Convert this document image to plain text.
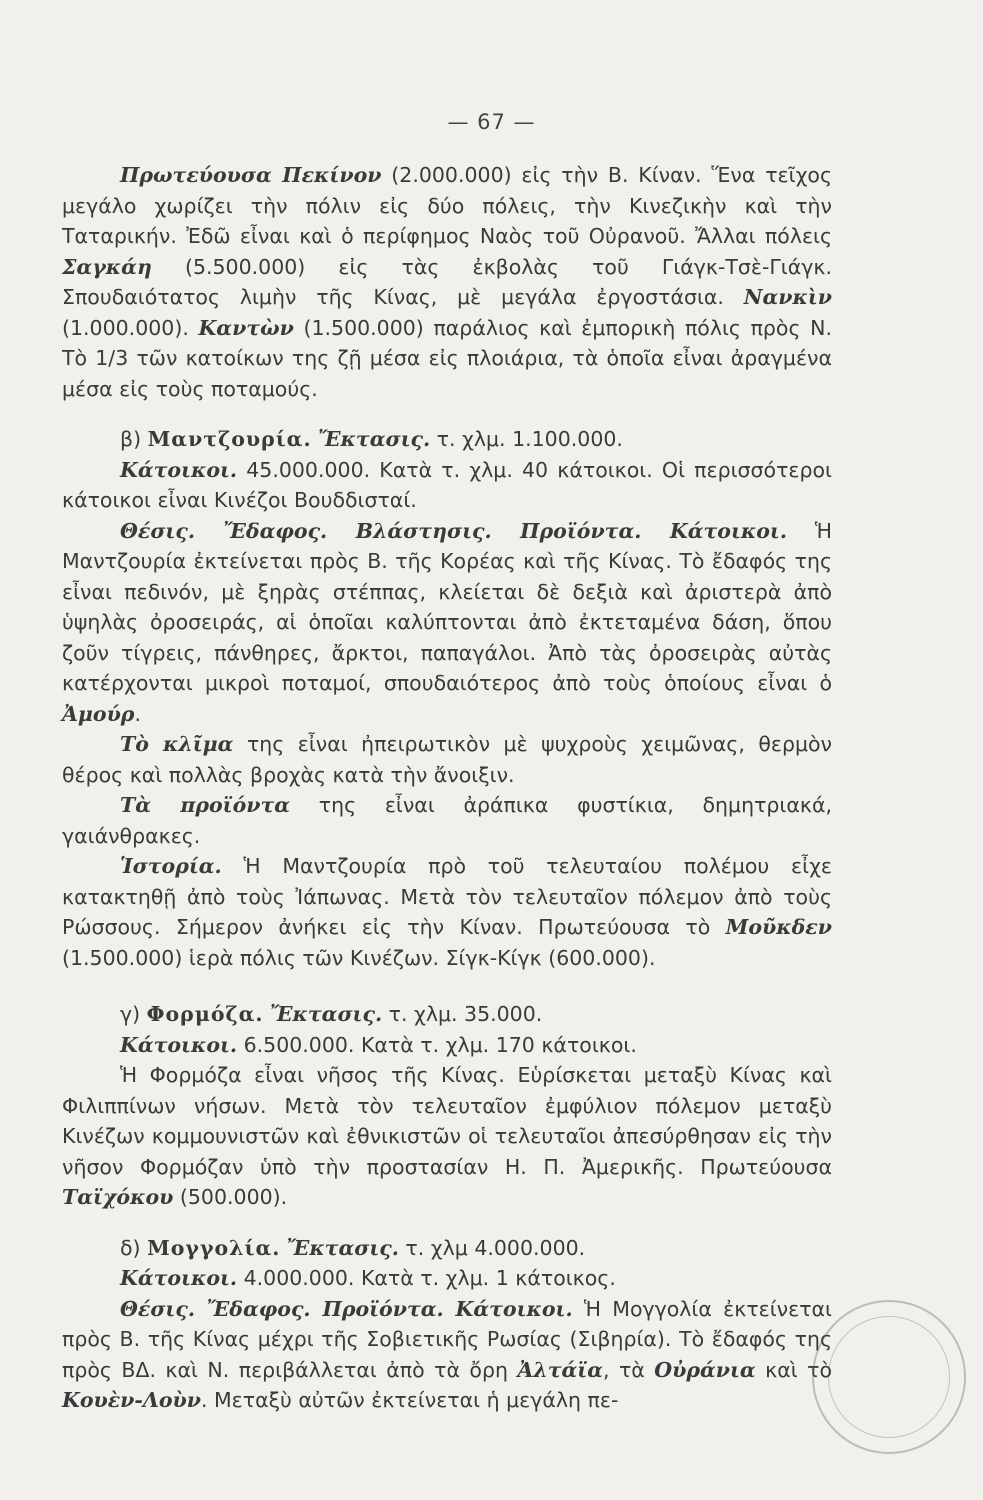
— 67 —

Πρωτεύουσα Πεκίνον (2.000.000) εἰς τὴν Β. Κίναν. Ἕνα τεῖχος μεγάλο χωρίζει τὴν πόλιν εἰς δύο πόλεις, τὴν Κινεζικὴν καὶ τὴν Ταταρικήν. Ἐδῶ εἶναι καὶ ὁ περίφημος Ναὸς τοῦ Οὐρανοῦ. Ἄλλαι πόλεις Σαγκάη (5.500.000) εἰς τὰς ἐκβολὰς τοῦ Γιάγκ-Τσὲ-Γιάγκ. Σπουδαιότατος λιμὴν τῆς Κίνας, μὲ μεγάλα ἐργοστάσια. Νανκὶν (1.000.000). Καντὼν (1.500.000) παράλιος καὶ ἐμπορικὴ πόλις πρὸς Ν. Τὸ 1/3 τῶν κατοίκων της ζῇ μέσα εἰς πλοιάρια, τὰ ὁποῖα εἶναι ἀραγμένα μέσα εἰς τοὺς ποταμούς.

β) Μαντζουρία. Ἔκτασις. τ. χλμ. 1.100.000.

Κάτοικοι. 45.000.000. Κατὰ τ. χλμ. 40 κάτοικοι. Οἱ περισσότεροι κάτοικοι εἶναι Κινέζοι Βουδδισταί.

Θέσις. Ἔδαφος. Βλάστησις. Προϊόντα. Κάτοικοι. Ἡ Μαντζουρία ἐκτείνεται πρὸς Β. τῆς Κορέας καὶ τῆς Κίνας. Τὸ ἔδαφός της εἶναι πεδινόν, μὲ ξηρὰς στέππας, κλείεται δὲ δεξιὰ καὶ ἀριστερὰ ἀπὸ ὑψηλὰς ὀροσειράς, αἱ ὁποῖαι καλύπτονται ἀπὸ ἐκτεταμένα δάση, ὅπου ζοῦν τίγρεις, πάνθηρες, ἄρκτοι, παπαγάλοι. Ἀπὸ τὰς ὀροσειρὰς αὐτὰς κατέρχονται μικροὶ ποταμοί, σπουδαιότερος ἀπὸ τοὺς ὁποίους εἶναι ὁ Ἀμούρ.

Τὸ κλῖμα της εἶναι ἠπειρωτικὸν μὲ ψυχροὺς χειμῶνας, θερμὸν θέρος καὶ πολλὰς βροχὰς κατὰ τὴν ἄνοιξιν.

Τὰ προϊόντα της εἶναι ἀράπικα φυστίκια, δημητριακά, γαιάνθρακες.

Ἱστορία. Ἡ Μαντζουρία πρὸ τοῦ τελευταίου πολέμου εἶχε κατακτηθῇ ἀπὸ τοὺς Ἰάπωνας. Μετὰ τὸν τελευταῖον πόλεμον ἀπὸ τοὺς Ρώσσους. Σήμερον ἀνήκει εἰς τὴν Κίναν. Πρωτεύουσα τὸ Μοῦκδεν (1.500.000) ἱερὰ πόλις τῶν Κινέζων. Σίγκ-Κίγκ (600.000).

γ) Φορμόζα. Ἔκτασις. τ. χλμ. 35.000.

Κάτοικοι. 6.500.000. Κατὰ τ. χλμ. 170 κάτοικοι.

Ἡ Φορμόζα εἶναι νῆσος τῆς Κίνας. Εὑρίσκεται μεταξὺ Κίνας καὶ Φιλιππίνων νήσων. Μετὰ τὸν τελευταῖον ἐμφύλιον πόλεμον μεταξὺ Κινέζων κομμουνιστῶν καὶ ἐθνικιστῶν οἱ τελευταῖοι ἀπεσύρθησαν εἰς τὴν νῆσον Φορμόζαν ὑπὸ τὴν προστασίαν Η. Π. Ἀμερικῆς. Πρωτεύουσα Ταϊχόκου (500.000).

δ) Μογγολία. Ἔκτασις. τ. χλμ 4.000.000.

Κάτοικοι. 4.000.000. Κατὰ τ. χλμ. 1 κάτοικος.

Θέσις. Ἔδαφος. Προϊόντα. Κάτοικοι. Ἡ Μογγολία ἐκτείνεται πρὸς Β. τῆς Κίνας μέχρι τῆς Σοβιετικῆς Ρωσίας (Σιβηρία). Τὸ ἔδαφός της πρὸς ΒΔ. καὶ Ν. περιβάλλεται ἀπὸ τὰ ὄρη Ἀλτάϊα, τὰ Οὐράνια καὶ τὸ Κουὲν-Λοὺν. Μεταξὺ αὐτῶν ἐκτείνεται ἡ μεγάλη πε-
